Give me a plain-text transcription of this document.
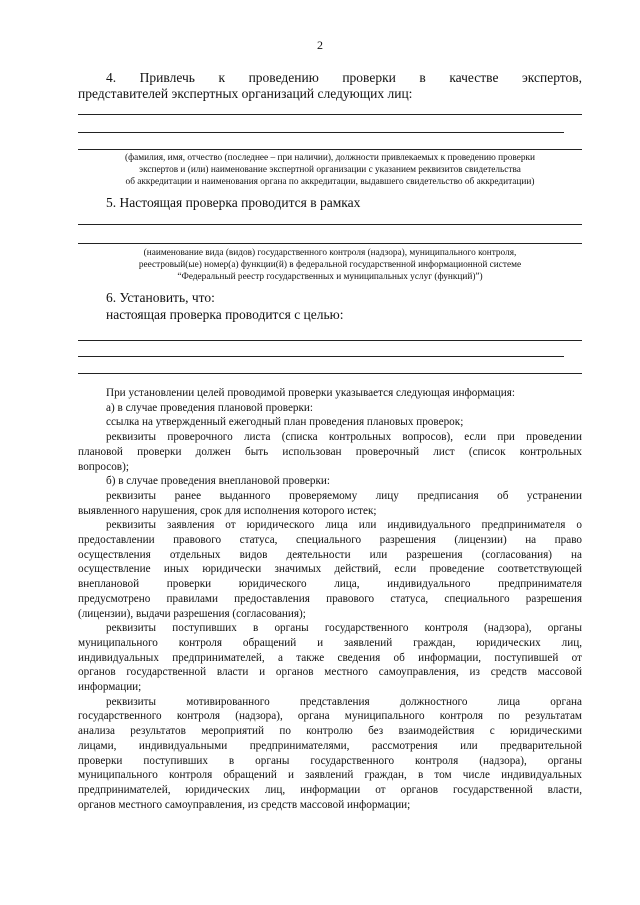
2
4. Привлечь к проведению проверки в качестве экспертов,
представителей экспертных организаций следующих лиц:
(фамилия, имя, отчество (последнее – при наличии), должности привлекаемых к проведению проверки
экспертов и (или) наименование экспертной организации с указанием реквизитов свидетельства
об аккредитации и наименования органа по аккредитации, выдавшего свидетельство об аккредитации)
5. Настоящая проверка проводится в рамках
(наименование вида (видов) государственного контроля (надзора), муниципального контроля,
реестровый(ые) номер(а) функции(й) в федеральной государственной информационной системе
“Федеральный реестр государственных и муниципальных услуг (функций)”)
6. Установить, что:
настоящая проверка проводится с целью:
При установлении целей проводимой проверки указывается следующая информация:
а) в случае проведения плановой проверки:
ссылка на утвержденный ежегодный план проведения плановых проверок;
реквизиты проверочного листа (списка контрольных вопросов), если при проведении
плановой проверки должен быть использован проверочный лист (список контрольных
вопросов);
б) в случае проведения внеплановой проверки:
реквизиты ранее выданного проверяемому лицу предписания об устранении
выявленного нарушения, срок для исполнения которого истек;
реквизиты заявления от юридического лица или индивидуального предпринимателя о
предоставлении правового статуса, специального разрешения (лицензии) на право
осуществления отдельных видов деятельности или разрешения (согласования) на
осуществление иных юридически значимых действий, если проведение соответствующей
внеплановой проверки юридического лица, индивидуального предпринимателя
предусмотрено правилами предоставления правового статуса, специального разрешения
(лицензии), выдачи разрешения (согласования);
реквизиты поступивших в органы государственного контроля (надзора), органы
муниципального контроля обращений и заявлений граждан, юридических лиц,
индивидуальных предпринимателей, а также сведения об информации, поступившей от
органов государственной власти и органов местного самоуправления, из средств массовой
информации;
реквизиты мотивированного представления должностного лица органа
государственного контроля (надзора), органа муниципального контроля по результатам
анализа результатов мероприятий по контролю без взаимодействия с юридическими
лицами, индивидуальными предпринимателями, рассмотрения или предварительной
проверки поступивших в органы государственного контроля (надзора), органы
муниципального контроля обращений и заявлений граждан, в том числе индивидуальных
предпринимателей, юридических лиц, информации от органов государственной власти,
органов местного самоуправления, из средств массовой информации;
